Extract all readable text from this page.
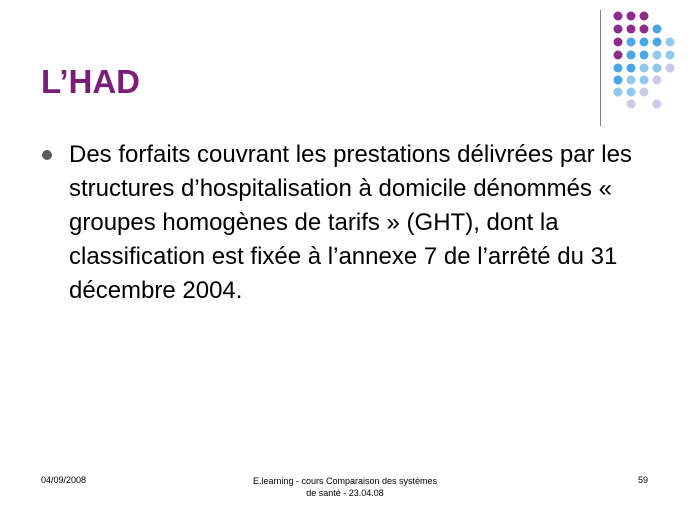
L’HAD
Des forfaits couvrant les prestations délivrées par les structures d’hospitalisation à domicile dénommés « groupes homogènes de tarifs » (GHT), dont la classification est fixée à l’annexe 7 de l’arrêté du 31 décembre 2004.
04/09/2008	E.learning - cours Comparaison des systèmes
de santé - 23.04.08
59
